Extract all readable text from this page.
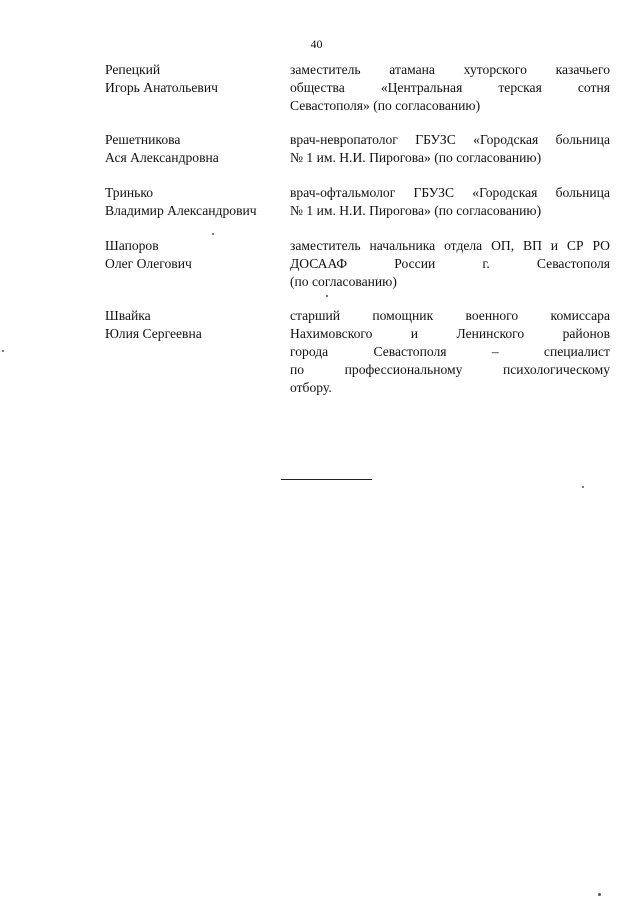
40
Репецкий
Игорь Анатольевич
заместитель атамана хуторского казачьего
общества «Центральная терская сотня
Севастополя» (по согласованию)
Решетникова
Ася Александровна
врач-невропатолог ГБУЗС «Городская больница
№ 1 им. Н.И. Пирогова» (по согласованию)
Тринько
Владимир Александрович
врач-офтальмолог ГБУЗС «Городская больница
№ 1 им. Н.И. Пирогова» (по согласованию)
Шапоров
Олег Олегович
заместитель начальника отдела ОП, ВП и СР РО
ДОСААФ России г. Севастополя
(по согласованию)
Швайка
Юлия Сергеевна
старший помощник военного комиссара
Нахимовского и Ленинского районов
города Севастополя – специалист
по профессиональному психологическому
отбору.
